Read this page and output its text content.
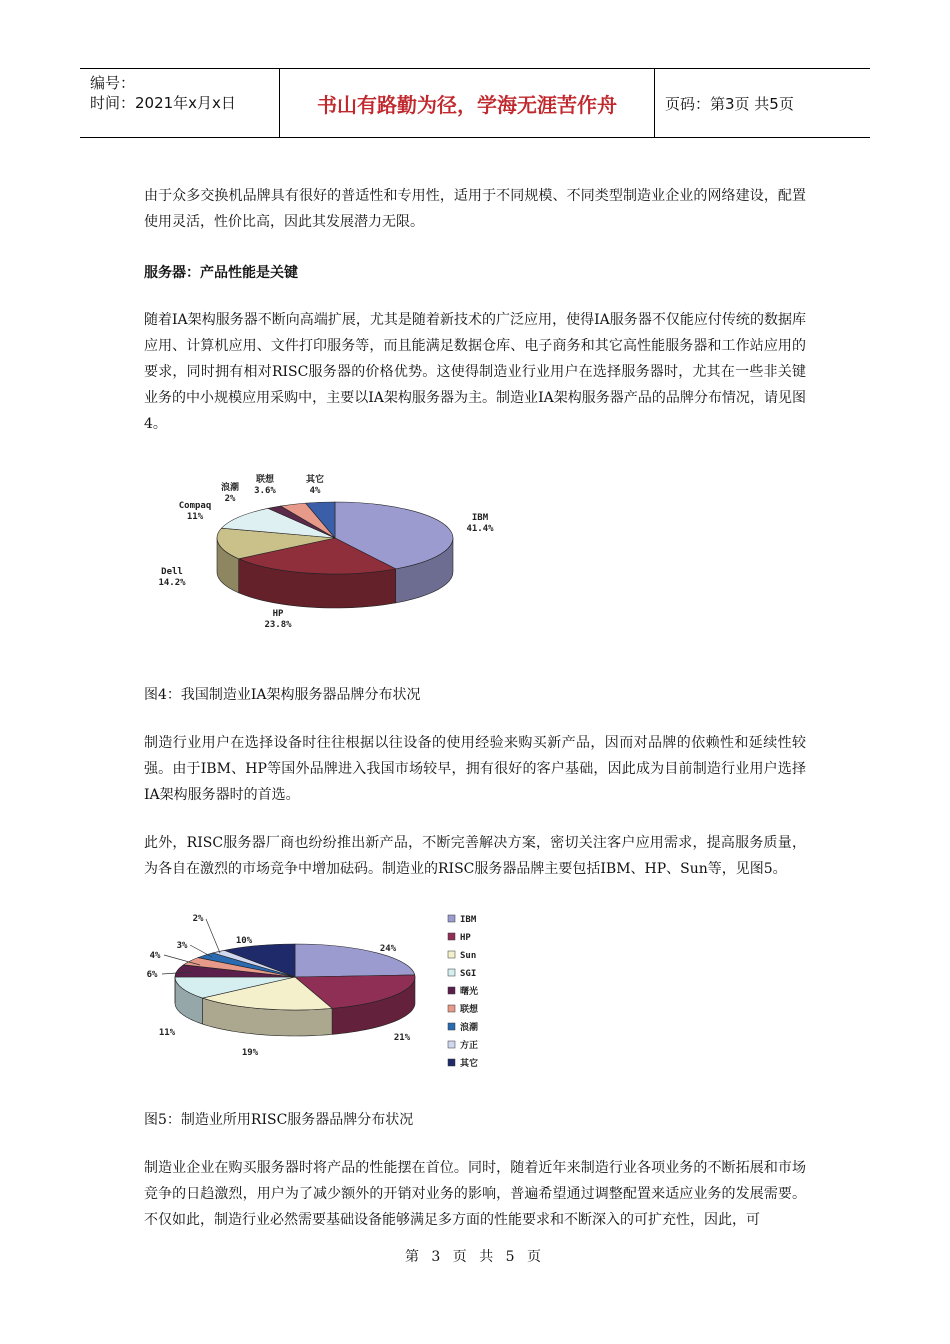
编号：
时间：2021年x月x日	书山有路勤为径，学海无涯苦作舟	页码：第3页 共5页

由于众多交换机品牌具有很好的普适性和专用性，适用于不同规模、不同类型制造业企业的网络建设，配置使用灵活，性价比高，因此其发展潜力无限。

服务器：产品性能是关键

随着IA架构服务器不断向高端扩展，尤其是随着新技术的广泛应用，使得IA服务器不仅能应付传统的数据库应用、计算机应用、文件打印服务等，而且能满足数据仓库、电子商务和其它高性能服务器和工作站应用的要求，同时拥有相对RISC服务器的价格优势。这使得制造业行业用户在选择服务器时，尤其在一些非关键业务的中小规模应用采购中，主要以IA架构服务器为主。制造业IA架构服务器产品的品牌分布情况，请见图4。

IBM
41.4%
HP
23.8%
Dell
14.2%
Compaq
11%
浪潮
2%
联想
3.6%
其它
4%
图4：我国制造业IA架构服务器品牌分布状况

制造行业用户在选择设备时往往根据以往设备的使用经验来购买新产品，因而对品牌的依赖性和延续性较强。由于IBM、HP等国外品牌进入我国市场较早，拥有很好的客户基础，因此成为目前制造行业用户选择IA架构服务器时的首选。

此外，RISC服务器厂商也纷纷推出新产品，不断完善解决方案，密切关注客户应用需求，提高服务质量，为各自在激烈的市场竞争中增加砝码。制造业的RISC服务器品牌主要包括IBM、HP、Sun等，见图5。

24%
21%
19%
11%
6%
4%
3%
2%
10%
IBM
HP
Sun
SGI
曙光
联想
浪潮
方正
其它
图5：制造业所用RISC服务器品牌分布状况

制造业企业在购买服务器时将产品的性能摆在首位。同时，随着近年来制造行业各项业务的不断拓展和市场竞争的日趋激烈，用户为了减少额外的开销对业务的影响，普遍希望通过调整配置来适应业务的发展需要。不仅如此，制造行业必然需要基础设备能够满足多方面的性能要求和不断深入的可扩充性，因此，可

第 3 页 共 5 页
